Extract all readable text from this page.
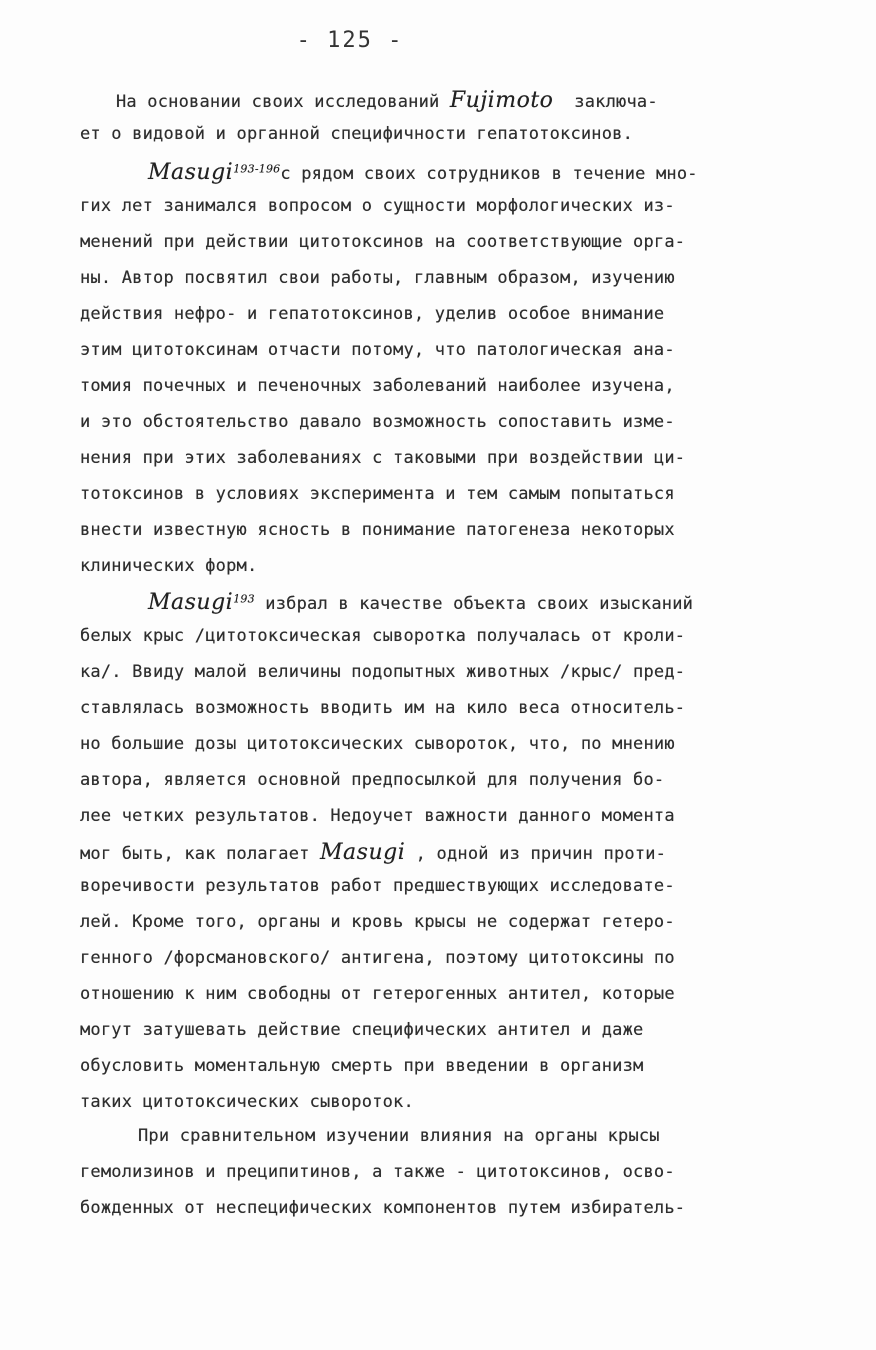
- 125 -
На основании своих исследований Fujimoto  заключа-
ет о видовой и органной специфичности гепатотоксинов.
Masugi$^{193-196}$с рядом своих сотрудников в течение мно-
гих лет занимался вопросом о сущности морфологических из-
менений при действии цитотоксинов на соответствующие орга-
ны. Автор посвятил свои работы, главным образом, изучению
действия нефро- и гепатотоксинов, уделив особое внимание
этим цитотоксинам отчасти потому, что патологическая ана-
томия почечных и печеночных заболеваний наиболее изучена,
и это обстоятельство давало возможность сопоставить изме-
нения при этих заболеваниях с таковыми при воздействии ци-
тотоксинов в условиях эксперимента и тем самым попытаться
внести известную ясность в понимание патогенеза некоторых
клинических форм.
Masugi$^{193}$ избрал в качестве объекта своих изысканий
белых крыс /цитотоксическая сыворотка получалась от крoли-
ка/. Ввиду малой величины подопытных животных /крыс/ пред-
ставлялась возможность вводить им на кило веса относитель-
но большие дозы цитотоксических сывороток, что, по мнению
автора, является основной предпосылкой для получения бо-
лее четких результатов. Недоучет важности данного момента
мог быть, как полагает Masugi , одной из причин проти-
воречивости результатов работ предшествующих исследовате-
лей. Кроме того, органы и кровь крысы не содержат гетеро-
генного /форсмановского/ антигена, поэтому цитотоксины по
отношению к ним свободны от гетерогенных антител, которые
могут затушевать действие специфических антител и даже
обусловить моментальную смерть при введении в организм
таких цитотоксических сывороток.
При сравнительном изучении влияния на органы крысы
гемолизинов и преципитинов, а также - цитотоксинов, осво-
божденных от неспецифических компонентов путем избиратель-
